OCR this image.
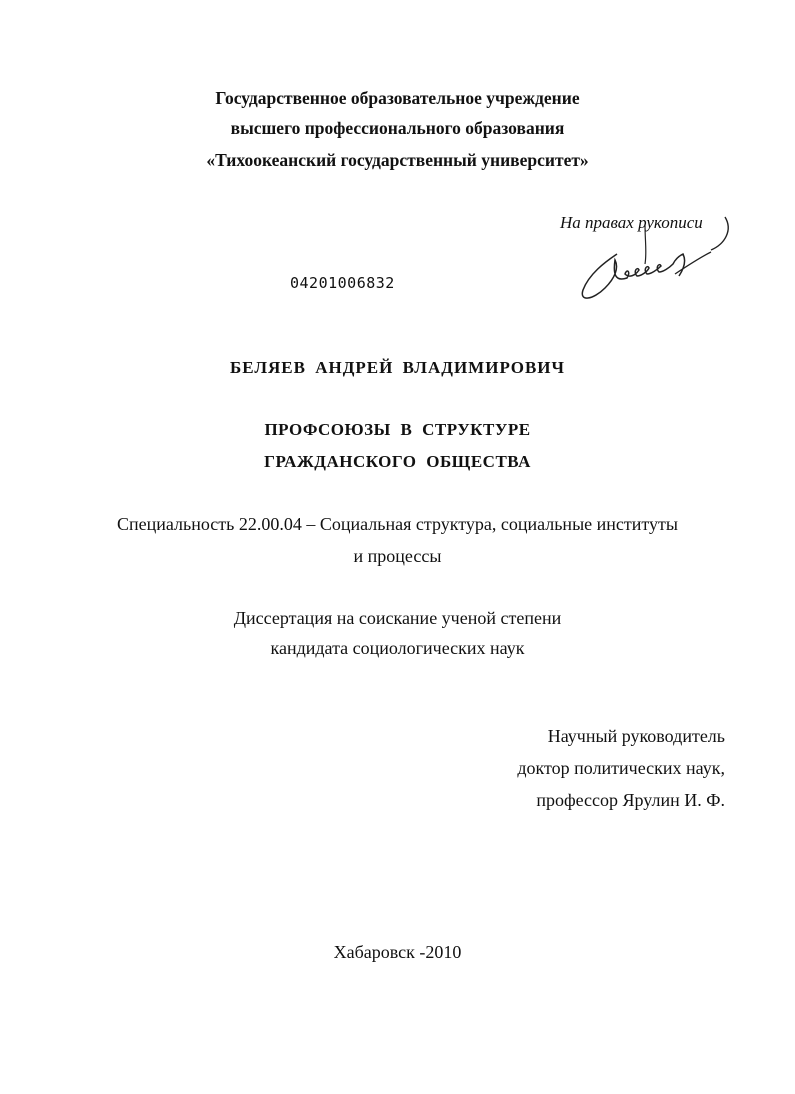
Государственное образовательное учреждение
высшего профессионального образования
«Тихоокеанский государственный университет»
На правах рукописи
04201006832
БЕЛЯЕВ АНДРЕЙ ВЛАДИМИРОВИЧ
ПРОФСОЮЗЫ В СТРУКТУРЕ
ГРАЖДАНСКОГО ОБЩЕСТВА
Специальность 22.00.04 – Социальная структура, социальные институты
и процессы
Диссертация на соискание ученой степени
кандидата социологических наук
Научный руководитель
доктор политических наук,
профессор Ярулин И. Ф.
Хабаровск -2010
